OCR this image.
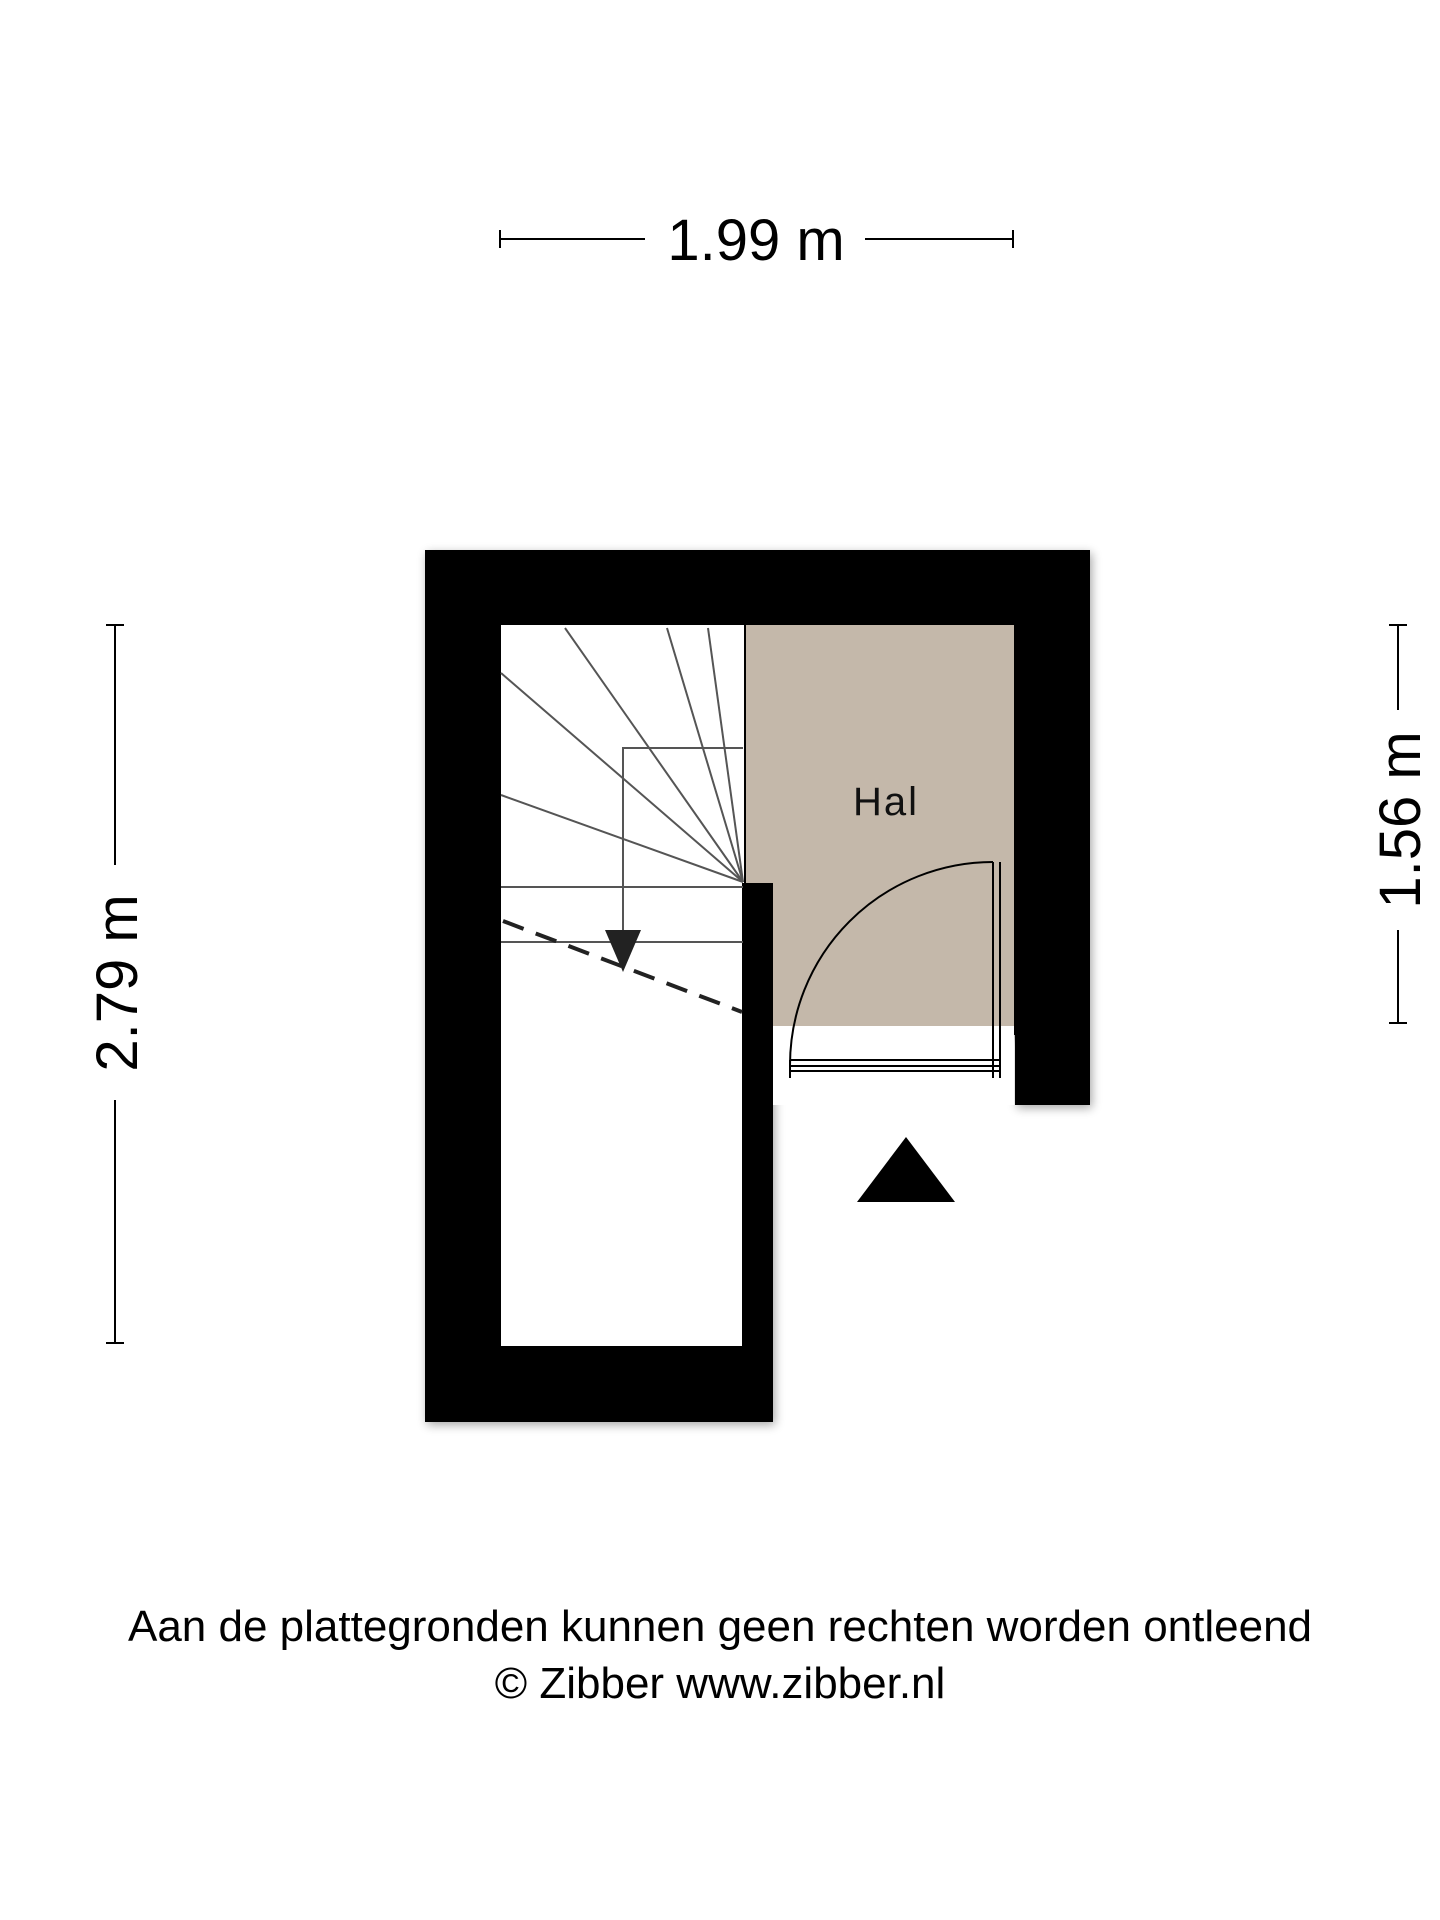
Hal
1.99 m
2.79 m
1.56 m
Aan de plattegronden kunnen geen rechten worden ontleend
© Zibber www.zibber.nl
